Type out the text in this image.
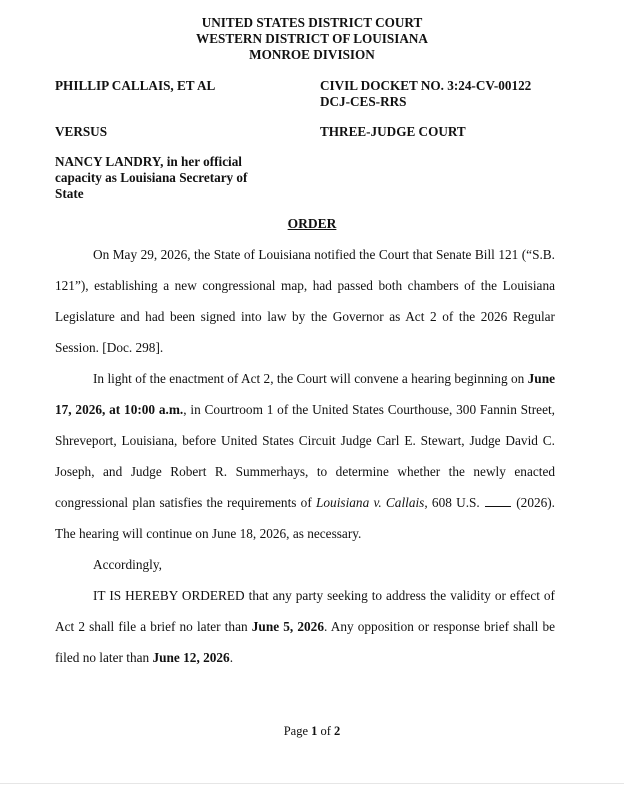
UNITED STATES DISTRICT COURT
WESTERN DISTRICT OF LOUISIANA
MONROE DIVISION
PHILLIP CALLAIS, ET AL	CIVIL DOCKET NO. 3:24-CV-00122
DCJ-CES-RRS
VERSUS	THREE-JUDGE COURT
NANCY LANDRY, in her official
capacity as Louisiana Secretary of
State
ORDER

On May 29, 2026, the State of Louisiana notified the Court that Senate Bill 121 (“S.B. 121”), establishing a new congressional map, had passed both chambers of the Louisiana Legislature and had been signed into law by the Governor as Act 2 of the 2026 Regular Session. [Doc. 298].

In light of the enactment of Act 2, the Court will convene a hearing beginning on June 17, 2026, at 10:00 a.m., in Courtroom 1 of the United States Courthouse, 300 Fannin Street, Shreveport, Louisiana, before United States Circuit Judge Carl E. Stewart, Judge David C. Joseph, and Judge Robert R. Summerhays, to determine whether the newly enacted congressional plan satisfies the requirements of Louisiana v. Callais, 608 U.S.  (2026). The hearing will continue on June 18, 2026, as necessary.

Accordingly,

IT IS HEREBY ORDERED that any party seeking to address the validity or effect of Act 2 shall file a brief no later than June 5, 2026. Any opposition or response brief shall be filed no later than June 12, 2026.

Page 1 of 2
